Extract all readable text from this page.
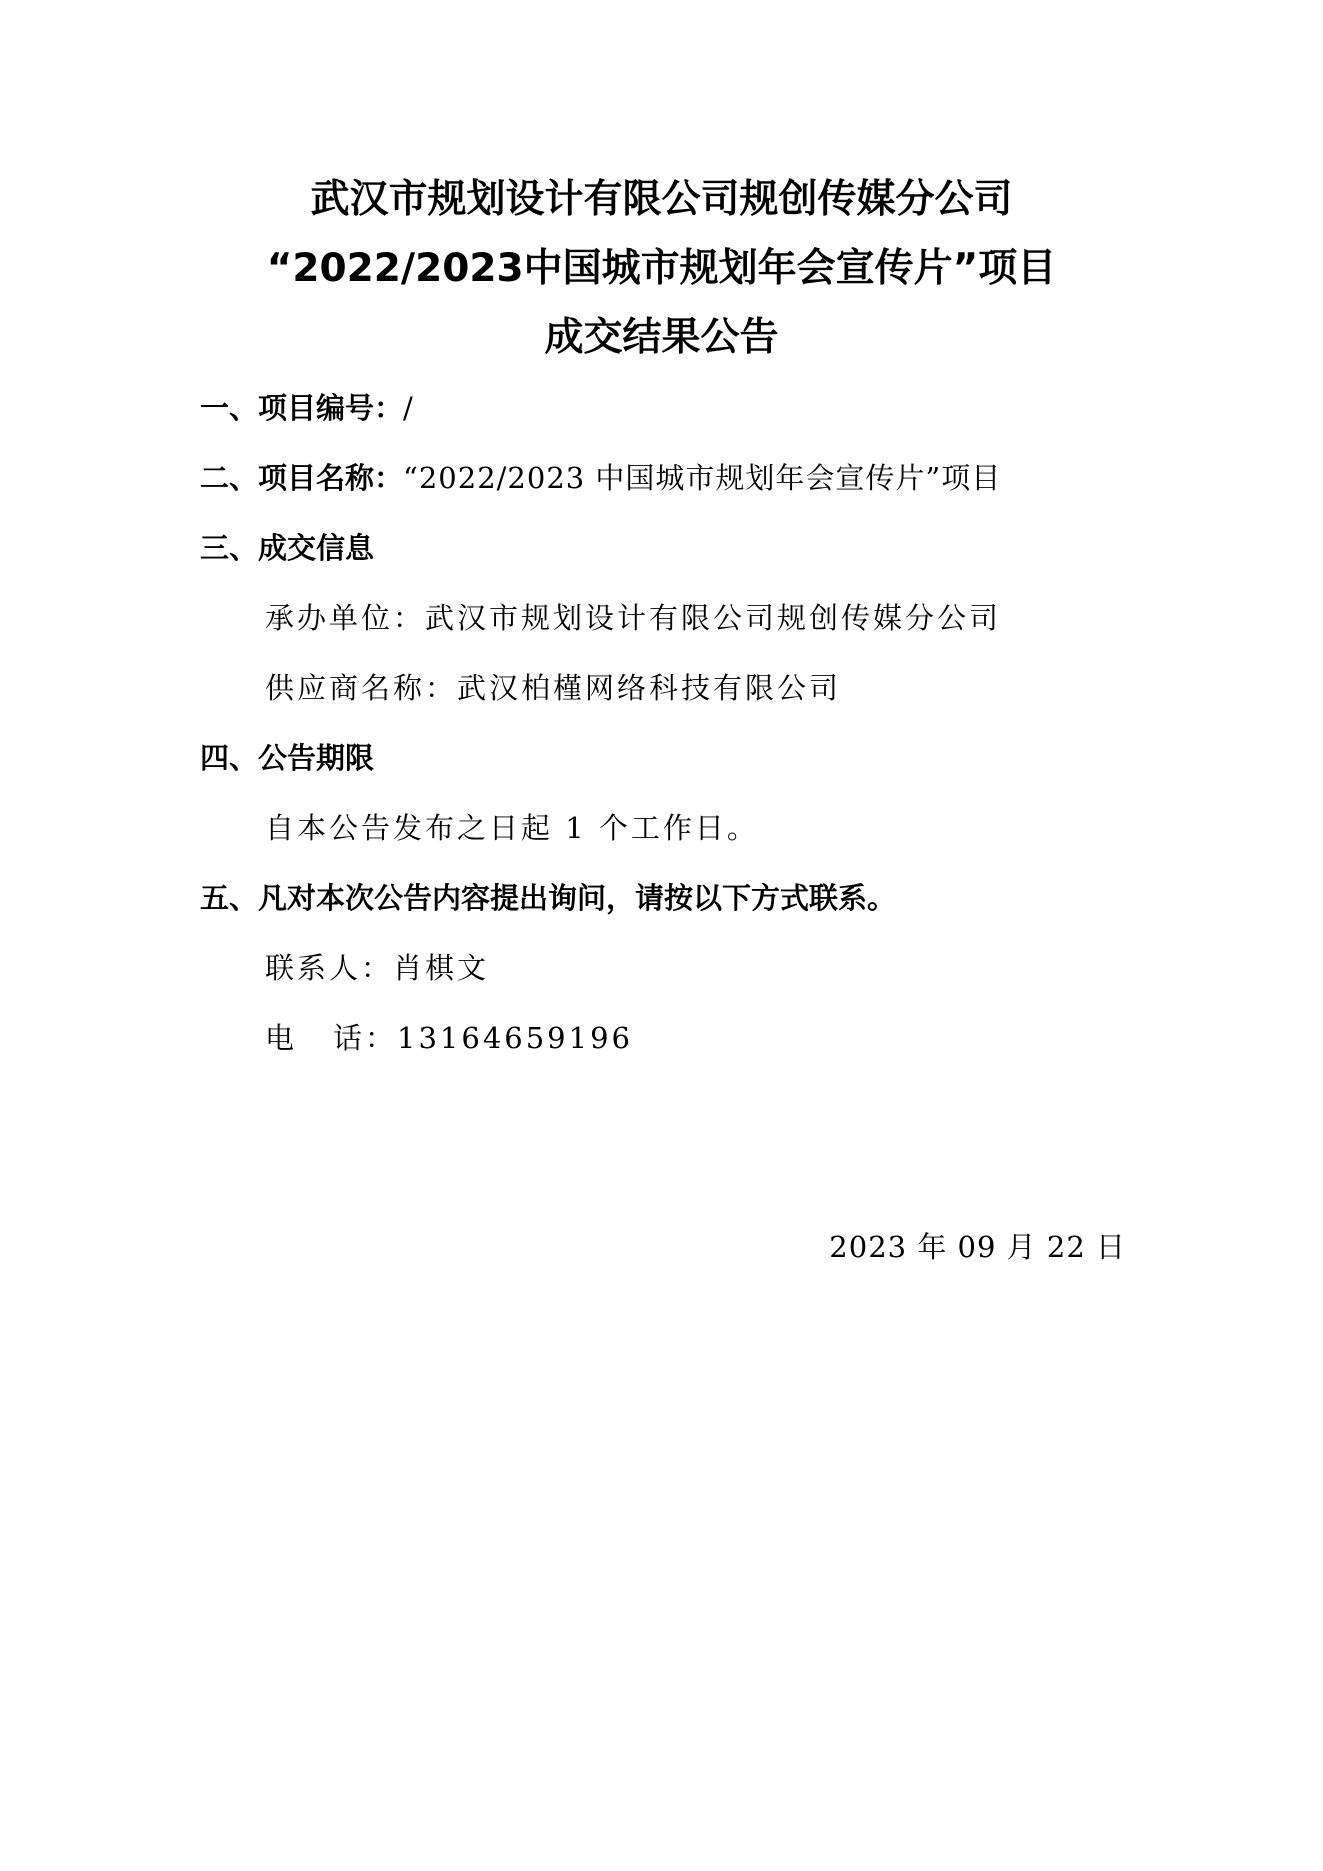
武汉市规划设计有限公司规创传媒分公司
“2022/2023中国城市规划年会宣传片”项目
成交结果公告
一、项目编号：/
二、项目名称：“2022/2023 中国城市规划年会宣传片”项目
三、成交信息
承办单位：武汉市规划设计有限公司规创传媒分公司
供应商名称：武汉柏槿网络科技有限公司
四、公告期限
自本公告发布之日起 1 个工作日。
五、凡对本次公告内容提出询问，请按以下方式联系。
联系人：肖棋文
电 话：13164659196
2023 年 09 月 22 日
